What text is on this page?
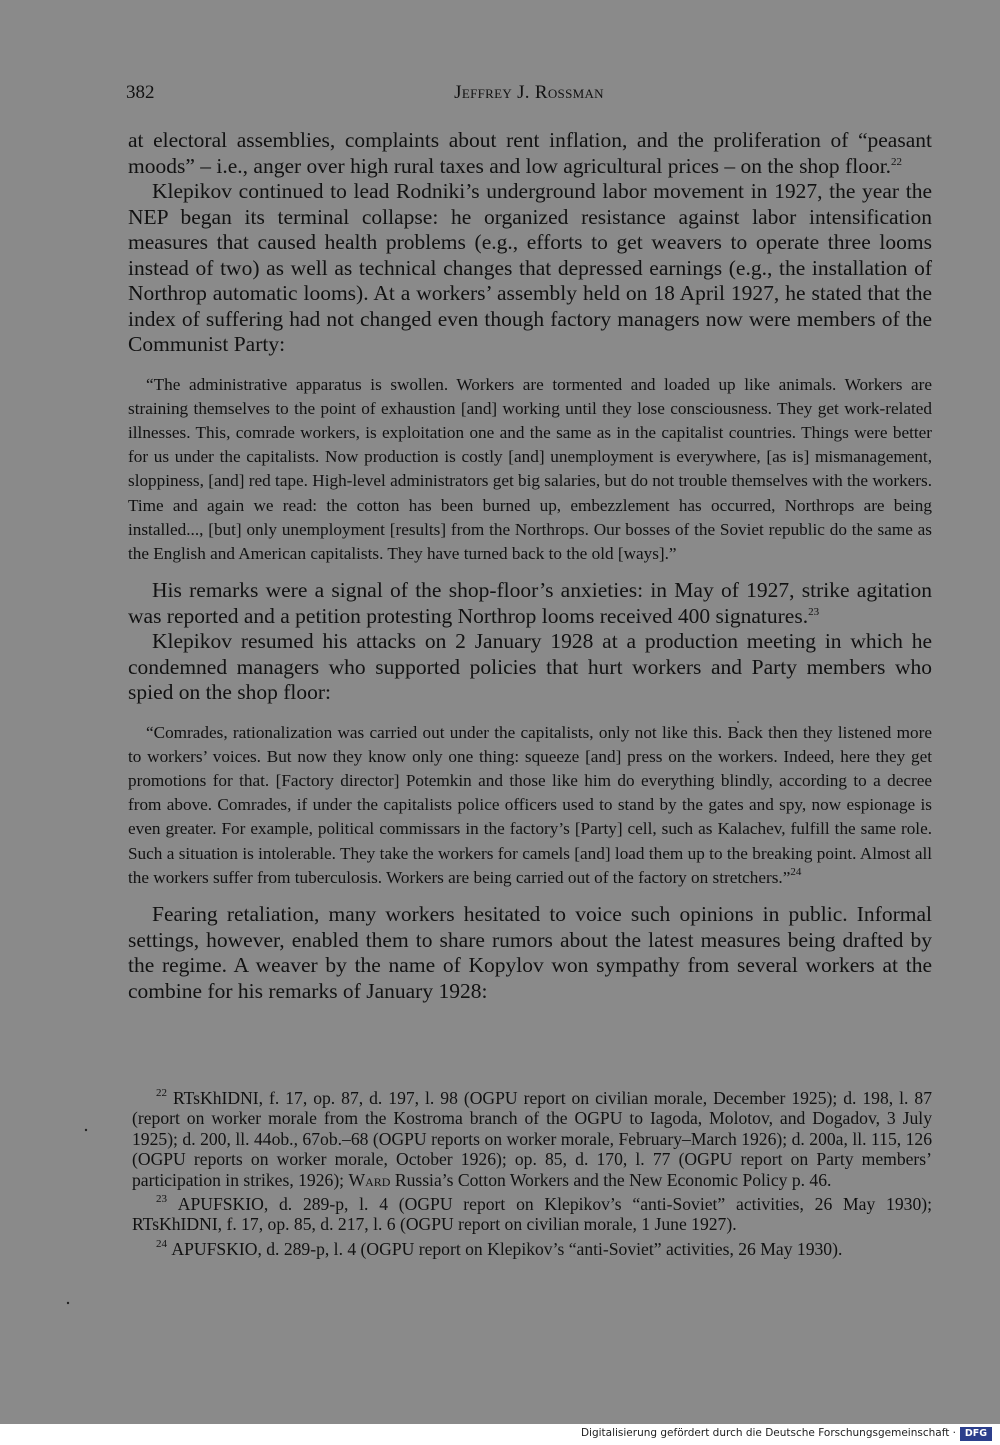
382	Jeffrey J. Rossman

at electoral assemblies, complaints about rent inflation, and the proliferation of “peasant moods” – i.e., anger over high rural taxes and low agricultural prices – on the shop floor.$^{22}$

Klepikov continued to lead Rodniki’s underground labor movement in 1927, the year the NEP began its terminal collapse: he organized resistance against labor intensification measures that caused health problems (e.g., efforts to get weavers to operate three looms instead of two) as well as technical changes that depressed earnings (e.g., the installation of Northrop automatic looms). At a workers’ assembly held on 18 April 1927, he stated that the index of suffering had not changed even though factory managers now were members of the Communist Party:

“The administrative apparatus is swollen. Workers are tormented and loaded up like animals. Workers are straining themselves to the point of exhaustion [and] working until they lose consciousness. They get work-related illnesses. This, comrade workers, is exploitation one and the same as in the capitalist countries. Things were better for us under the capitalists. Now production is costly [and] unemployment is everywhere, [as is] mismanagement, sloppiness, [and] red tape. High-level administrators get big salaries, but do not trouble themselves with the workers. Time and again we read: the cotton has been burned up, embezzlement has occurred, Northrops are being installed..., [but] only unemployment [results] from the Northrops. Our bosses of the Soviet republic do the same as the English and American capitalists. They have turned back to the old [ways].”

His remarks were a signal of the shop-floor’s anxieties: in May of 1927, strike agitation was reported and a petition protesting Northrop looms received 400 signatures.$^{23}$

Klepikov resumed his attacks on 2 January 1928 at a production meeting in which he condemned managers who supported policies that hurt workers and Party members who spied on the shop floor:

“Comrades, rationalization was carried out under the capitalists, only not like this. Back then they listened more to workers’ voices. But now they know only one thing: squeeze [and] press on the workers. Indeed, here they get promotions for that. [Factory director] Potemkin and those like him do everything blindly, according to a decree from above. Comrades, if under the capitalists police officers used to stand by the gates and spy, now espionage is even greater. For example, political commissars in the factory’s [Party] cell, such as Kalachev, fulfill the same role. Such a situation is intolerable. They take the workers for camels [and] load them up to the breaking point. Almost all the workers suffer from tuberculosis. Workers are being carried out of the factory on stretchers.”$^{24}$

Fearing retaliation, many workers hesitated to voice such opinions in public. Informal settings, however, enabled them to share rumors about the latest measures being drafted by the regime. A weaver by the name of Kopylov won sympathy from several workers at the combine for his remarks of January 1928:

$^{22}$ RTsKhIDNI, f. 17, op. 87, d. 197, l. 98 (OGPU report on civilian morale, December 1925); d. 198, l. 87 (report on worker morale from the Kostroma branch of the OGPU to Iagoda, Molotov, and Dogadov, 3 July 1925); d. 200, ll. 44ob., 67ob.–68 (OGPU reports on worker morale, February–March 1926); d. 200a, ll. 115, 126 (OGPU reports on worker morale, October 1926); op. 85, d. 170, l. 77 (OGPU report on Party members’ participation in strikes, 1926); Ward Russia’s Cotton Workers and the New Economic Policy p. 46.

$^{23}$ APUFSKIO, d. 289-p, l. 4 (OGPU report on Klepikov’s “anti-Soviet” activities, 26 May 1930); RTsKhIDNI, f. 17, op. 85, d. 217, l. 6 (OGPU report on civilian morale, 1 June 1927).

$^{24}$ APUFSKIO, d. 289-p, l. 4 (OGPU report on Klepikov’s “anti-Soviet” activities, 26 May 1930).

Digitalisierung gefördert durch die Deutsche Forschungsgemeinschaft · DFG
